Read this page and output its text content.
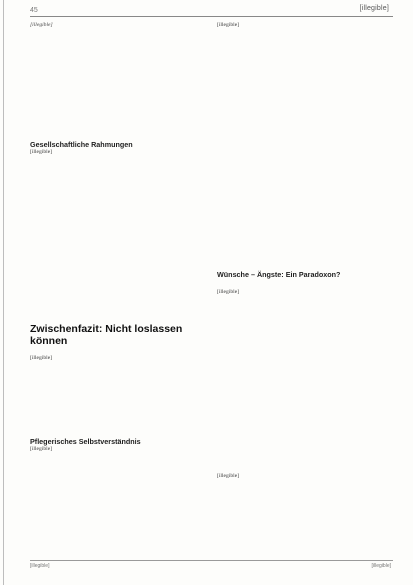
45	[illegible]

[illegible]

Gesellschaftliche Rahmungen

[illegible]

Zwischenfazit: Nicht loslassen können

[illegible]

Pflegerisches Selbstverständnis

[illegible]

[illegible]

Wünsche – Ängste: Ein Paradoxon?

[illegible]

[illegible]

[illegible]	[illegible]
